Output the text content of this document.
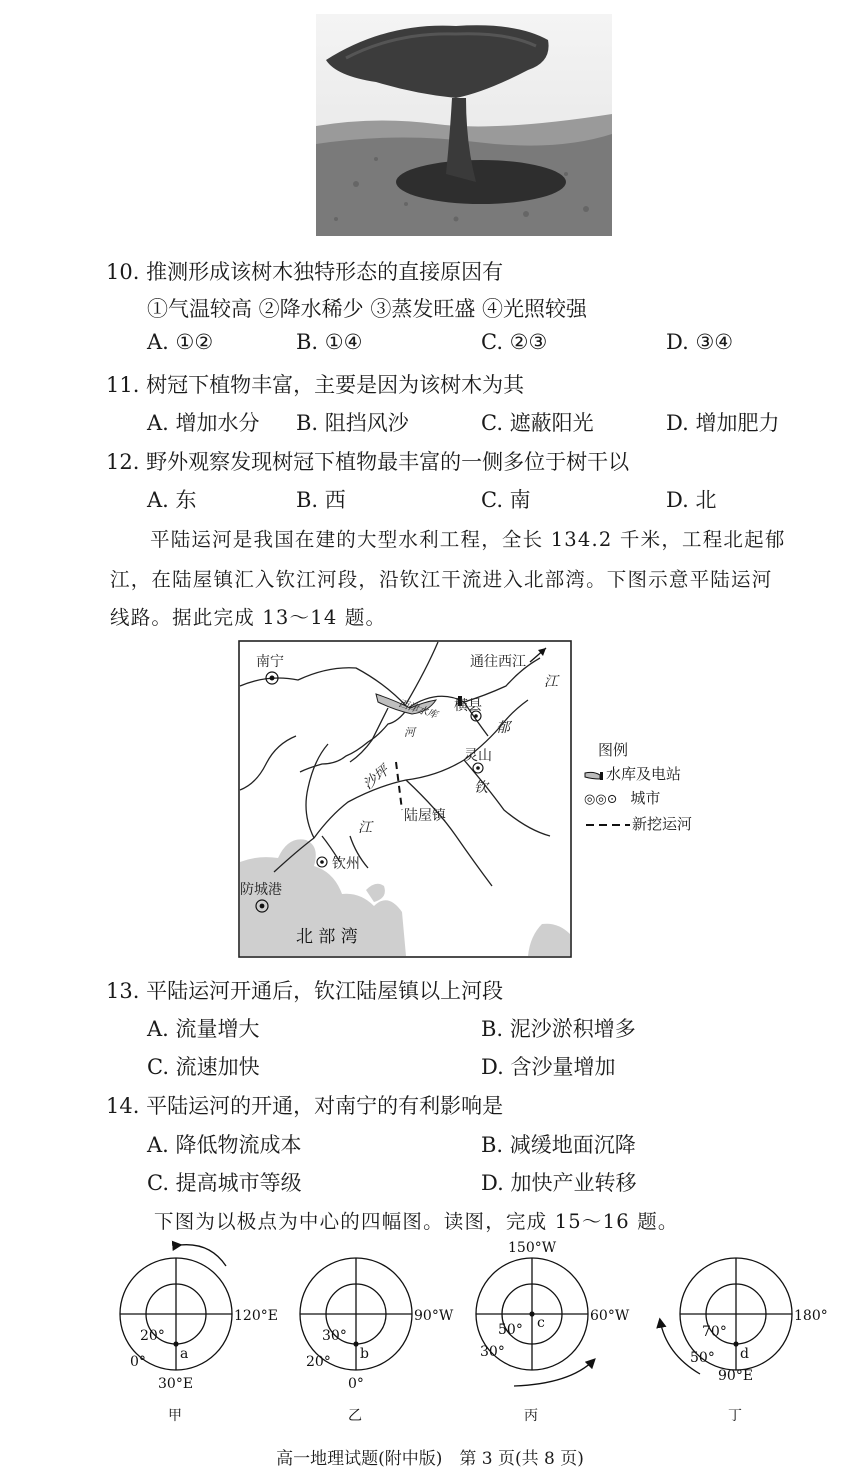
10. 推测形成该树木独特形态的直接原因有
①气温较高 ②降水稀少 ③蒸发旺盛 ④光照较强
A. ①②	B. ①④	C. ②③	D. ③④
11. 树冠下植物丰富，主要是因为该树木为其
A. 增加水分 B. 阻挡风沙	C. 遮蔽阳光	D. 增加肥力
12. 野外观察发现树冠下植物最丰富的一侧多位于树干以
A. 东	B. 西	C. 南	D. 北
平陆运河是我国在建的大型水利工程，全长 134.2 千米，工程北起郁
江，在陆屋镇汇入钦江河段，沿钦江干流进入北部湾。下图示意平陆运河
线路。据此完成 13～14 题。
南宁	通往西江
横县
江
郁
沙坪
河
灵山
钦
陆屋镇
江
钦州
防城港
西津水库
北 部 湾
图例
水库及电站
◎◎⊙ 城市
新挖运河
13. 平陆运河开通后，钦江陆屋镇以上河段
A. 流量增大	B. 泥沙淤积增多
C. 流速加快	D. 含沙量增加
14. 平陆运河的开通，对南宁的有利影响是
A. 降低物流成本	B. 减缓地面沉降
C. 提高城市等级	D. 加快产业转移
下图为以极点为中心的四幅图。读图，完成 15～16 题。
120°E
20°
0°
30°E
a
甲
90°W
30°
20°
0°
b
乙
150°W
60°W
50°
30°
c
丙
180°
70°
50°
90°E
d
丁
高一地理试题(附中版)　第 3 页(共 8 页)
